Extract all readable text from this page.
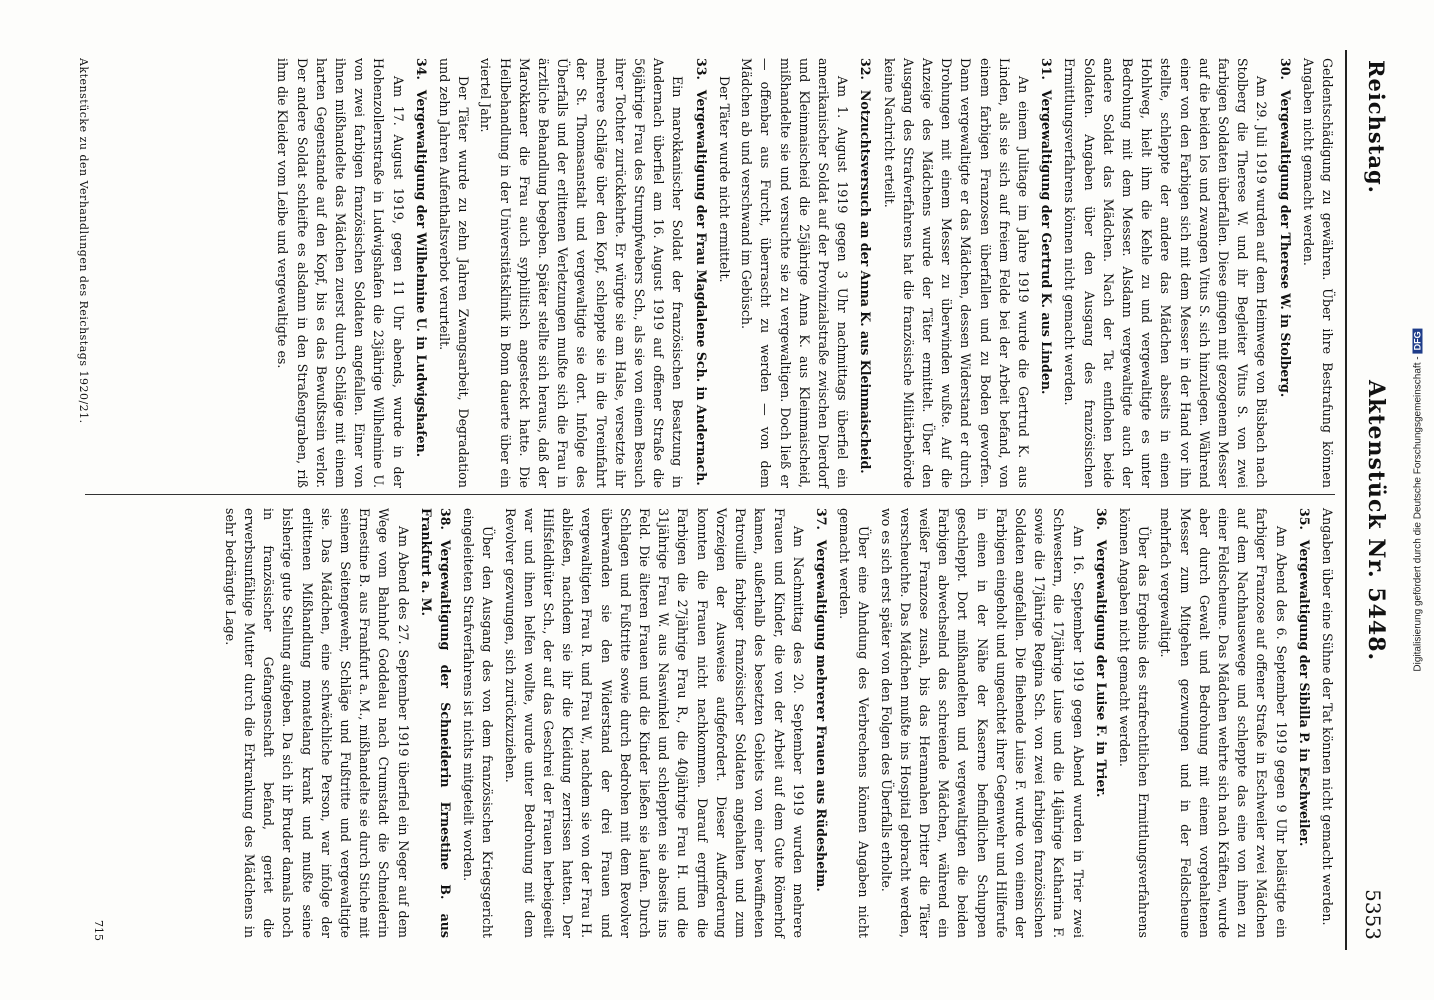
Reichstag.
Aktenstück Nr. 5448.
5353

Geldentschädigung zu gewähren. Über ihre Bestrafung können Angaben nicht gemacht werden.

30.Vergewaltigung der Therese W. in Stolberg.

Am 29. Juli 1919 wurden auf dem Heimwege von Büsbach nach Stolberg die Therese W. und ihr Begleiter Vitus S. von zwei farbigen Soldaten überfallen. Diese gingen mit gezogenem Messer auf die beiden los und zwangen Vitus S. sich hinzulegen. Während einer von den Farbigen sich mit dem Messer in der Hand vor ihn stellte, schleppte der andere das Mädchen abseits in einen Hohlweg, hielt ihm die Kehle zu und vergewaltigte es unter Bedrohung mit dem Messer. Alsdann vergewaltigte auch der andere Soldat das Mädchen. Nach der Tat entflohen beide Soldaten. Angaben über den Ausgang des französischen Ermittlungsverfahrens können nicht gemacht werden.

31.Vergewaltigung der Gertrud K. aus Linden.

An einem Julitage im Jahre 1919 wurde die Gertrud K. aus Linden, als sie sich auf freiem Felde bei der Arbeit befand, von einem farbigen Franzosen überfallen und zu Boden geworfen. Dann vergewaltigte er das Mädchen, dessen Widerstand er durch Drohungen mit einem Messer zu überwinden wußte. Auf die Anzeige des Mädchens wurde der Täter ermittelt. Über den Ausgang des Strafverfahrens hat die französische Militärbehörde keine Nachricht erteilt.

32.Notzuchtsversuch an der Anna K. aus Kleinmaischeid.

Am 1. August 1919 gegen 3 Uhr nachmittags überfiel ein amerikanischer Soldat auf der Provinzialstraße zwischen Dierdorf und Kleinmaischeid die 25jährige Anna K. aus Kleinmaischeid, mißhandelte sie und versuchte sie zu vergewaltigen. Doch ließ er — offenbar aus Furcht, überrascht zu werden — von dem Mädchen ab und verschwand im Gebüsch.

Der Täter wurde nicht ermittelt.

33.Vergewaltigung der Frau Magdalene Sch. in Andernach.

Ein marokkanischer Soldat der französischen Besatzung in Andernach überfiel am 16. August 1919 auf offener Straße die 56jährige Frau des Strumpfwebers Sch., als sie von einem Besuch ihrer Tochter zurückkehrte. Er würgte sie am Halse, versetzte ihr mehrere Schläge über den Kopf, schleppte sie in die Toreinfahrt der St. Thomasanstalt und vergewaltigte sie dort. Infolge des Überfalls und der erlittenen Verletzungen mußte sich die Frau in ärztliche Behandlung begeben. Später stellte sich heraus, daß der Marokkaner die Frau auch syphilitisch angesteckt hatte. Die Heilbehandlung in der Universitätsklinik in Bonn dauerte über ein viertel Jahr.

Der Täter wurde zu zehn Jahren Zwangsarbeit, Degradation und zehn Jahren Aufenthaltsverbot verurteilt.

34.Vergewaltigung der Wilhelmine U. in Ludwigshafen.

Am 17. August 1919, gegen 11 Uhr abends, wurde in der Hohenzollernstraße in Ludwigshafen die 23jährige Wilhelmine U. von zwei farbigen französischen Soldaten angefallen. Einer von ihnen mißhandelte das Mädchen zuerst durch Schläge mit einem harten Gegenstande auf den Kopf, bis es das Bewußtsein verlor. Der andere Soldat schleifte es alsdann in den Straßengraben, riß ihm die Kleider vom Leibe und vergewaltigte es.

Angaben über eine Sühne der Tat können nicht gemacht werden.

35.Vergewaltigung der Sibilla P. in Eschweiler.

Am Abend des 6. September 1919 gegen 9 Uhr belästigte ein farbiger Franzose auf offener Straße in Eschweiler zwei Mädchen auf dem Nachhausewege und schleppte das eine von ihnen zu einer Feldscheune. Das Mädchen wehrte sich nach Kräften, wurde aber durch Gewalt und Bedrohung mit einem vorgehaltenen Messer zum Mitgehen gezwungen und in der Feldscheune mehrfach vergewaltigt.

Über das Ergebnis des strafrechtlichen Ermittlungsverfahrens können Angaben nicht gemacht werden.

36.Vergewaltigung der Luise F. in Trier.

Am 16. September 1919 gegen Abend wurden in Trier zwei Schwestern, die 17jährige Luise und die 14jährige Katharina F. sowie die 17jährige Regina Sch. von zwei farbigen französischen Soldaten angefallen. Die fliehende Luise F. wurde von einem der Farbigen eingeholt und ungeachtet ihrer Gegenwehr und Hilferufe in einen in der Nähe der Kaserne befindlichen Schuppen geschleppt. Dort mißhandelten und vergewaltigten die beiden Farbigen abwechselnd das schreiende Mädchen, während ein weißer Franzose zusah, bis das Herannahen Dritter die Täter verscheuchte. Das Mädchen mußte ins Hospital gebracht werden, wo es sich erst später von den Folgen des Überfalls erholte.

Über eine Ahndung des Verbrechens können Angaben nicht gemacht werden.

37.Vergewaltigung mehrerer Frauen aus Rüdesheim.

Am Nachmittag des 20. September 1919 wurden mehrere Frauen und Kinder, die von der Arbeit auf dem Gute Römerhof kamen, außerhalb des besetzten Gebiets von einer bewaffneten Patrouille farbiger französischer Soldaten angehalten und zum Vorzeigen der Ausweise aufgefordert. Dieser Aufforderung konnten die Frauen nicht nachkommen. Darauf ergriffen die Farbigen die 27jährige Frau R., die 40jährige Frau H. und die 31jährige Frau W. aus Naswinkel und schleppten sie abseits ins Feld. Die älteren Frauen und die Kinder ließen sie laufen. Durch Schlagen und Fußtritte sowie durch Bedrohen mit dem Revolver überwanden sie den Widerstand der drei Frauen und vergewaltigten Frau R. und Frau W., nachdem sie von der Frau H. abließen, nachdem sie ihr die Kleidung zerrissen hatten. Der Hilfsfeldhüter Sch., der auf das Geschrei der Frauen herbeigeeilt war und ihnen helfen wollte, wurde unter Bedrohung mit dem Revolver gezwungen, sich zurückzuziehen.

Über den Ausgang des von dem französischen Kriegsgericht eingeleiteten Strafverfahrens ist nichts mitgeteilt worden.

38.Vergewaltigung der Schneiderin Ernestine B. aus Frankfurt a. M.

Am Abend des 27. September 1919 überfiel ein Neger auf dem Wege vom Bahnhof Goddelau nach Crumstadt die Schneiderin Ernestine B. aus Frankfurt a. M., mißhandelte sie durch Stiche mit seinem Seitengewehr, Schläge und Fußtritte und vergewaltigte sie. Das Mädchen, eine schwächliche Person, war infolge der erlittenen Mißhandlung monatelang krank und mußte seine bisherige gute Stellung aufgeben. Da sich ihr Bruder damals noch in französischer Gefangenschaft befand, geriet die erwerbsunfähige Mutter durch die Erkrankung des Mädchens in sehr bedrängte Lage.

Aktenstücke zu den Verhandlungen des Reichstags 1920/21.
715
Digitalisierung gefördert durch die Deutsche Forschungsgemeinschaft -DFG
